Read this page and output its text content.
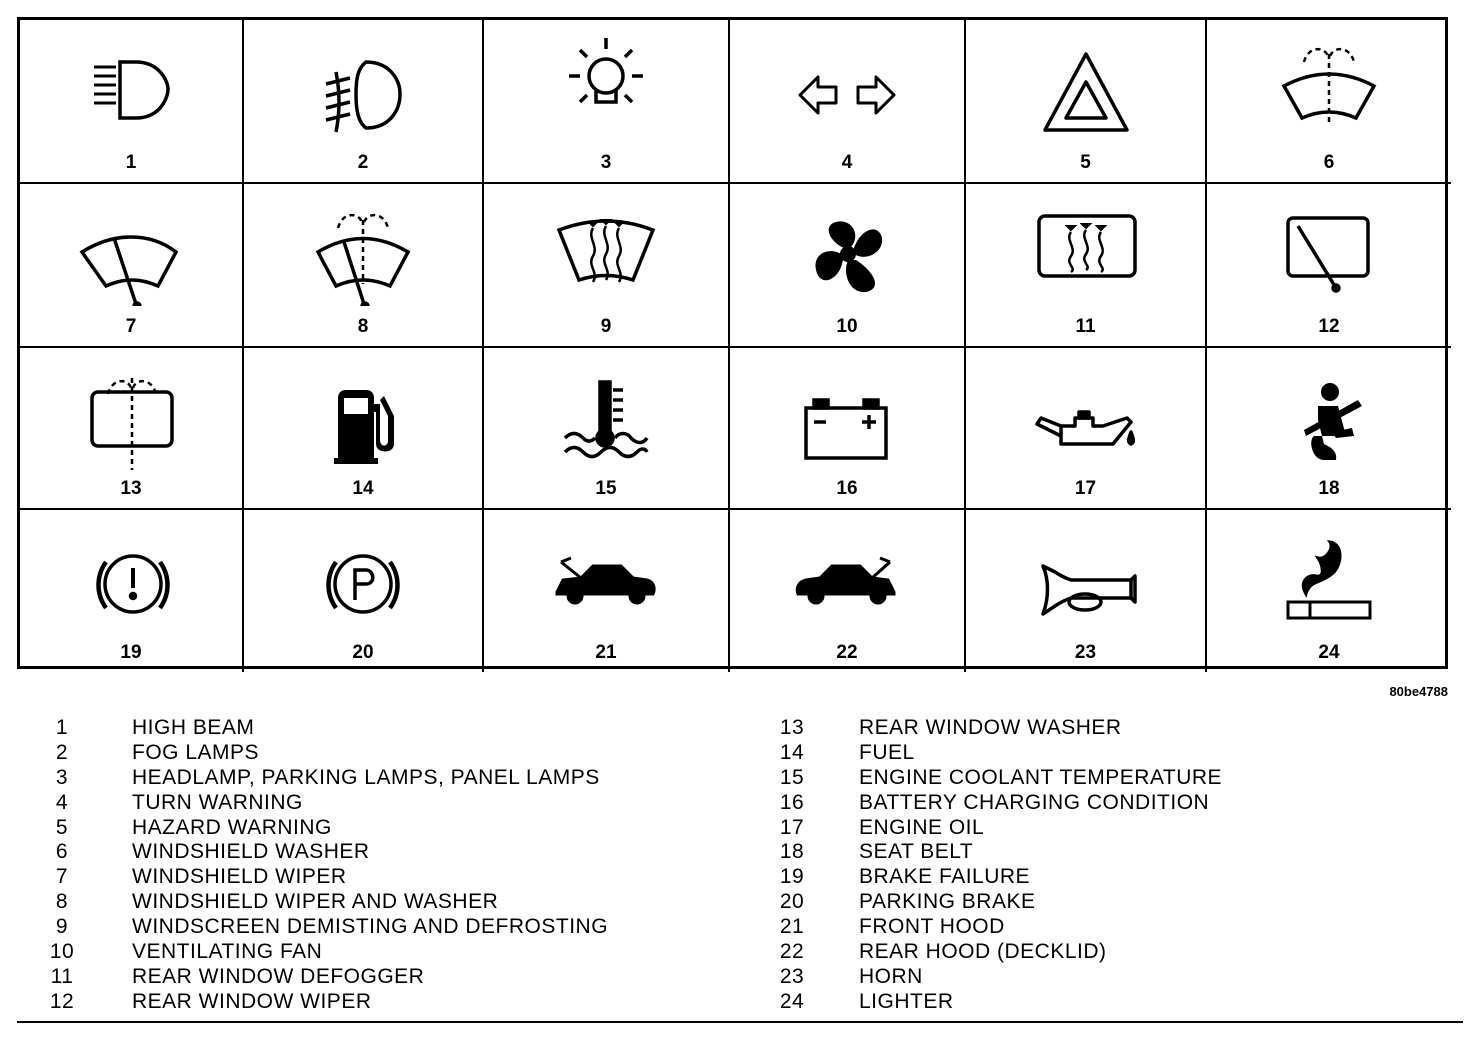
1	2	3	4	5	6
7	8	9	10	11	12
13	14	15	16	17	18
19	20	21	22	23	24
80be4788
1	HIGH BEAM
2	FOG LAMPS
3	HEADLAMP, PARKING LAMPS, PANEL LAMPS
4	TURN WARNING
5	HAZARD WARNING
6	WINDSHIELD WASHER
7	WINDSHIELD WIPER
8	WINDSHIELD WIPER AND WASHER
9	WINDSCREEN DEMISTING AND DEFROSTING
10	VENTILATING FAN
11	REAR WINDOW DEFOGGER
12	REAR WINDOW WIPER
13	REAR WINDOW WASHER
14	FUEL
15	ENGINE COOLANT TEMPERATURE
16	BATTERY CHARGING CONDITION
17	ENGINE OIL
18	SEAT BELT
19	BRAKE FAILURE
20	PARKING BRAKE
21	FRONT HOOD
22	REAR HOOD (DECKLID)
23	HORN
24	LIGHTER
